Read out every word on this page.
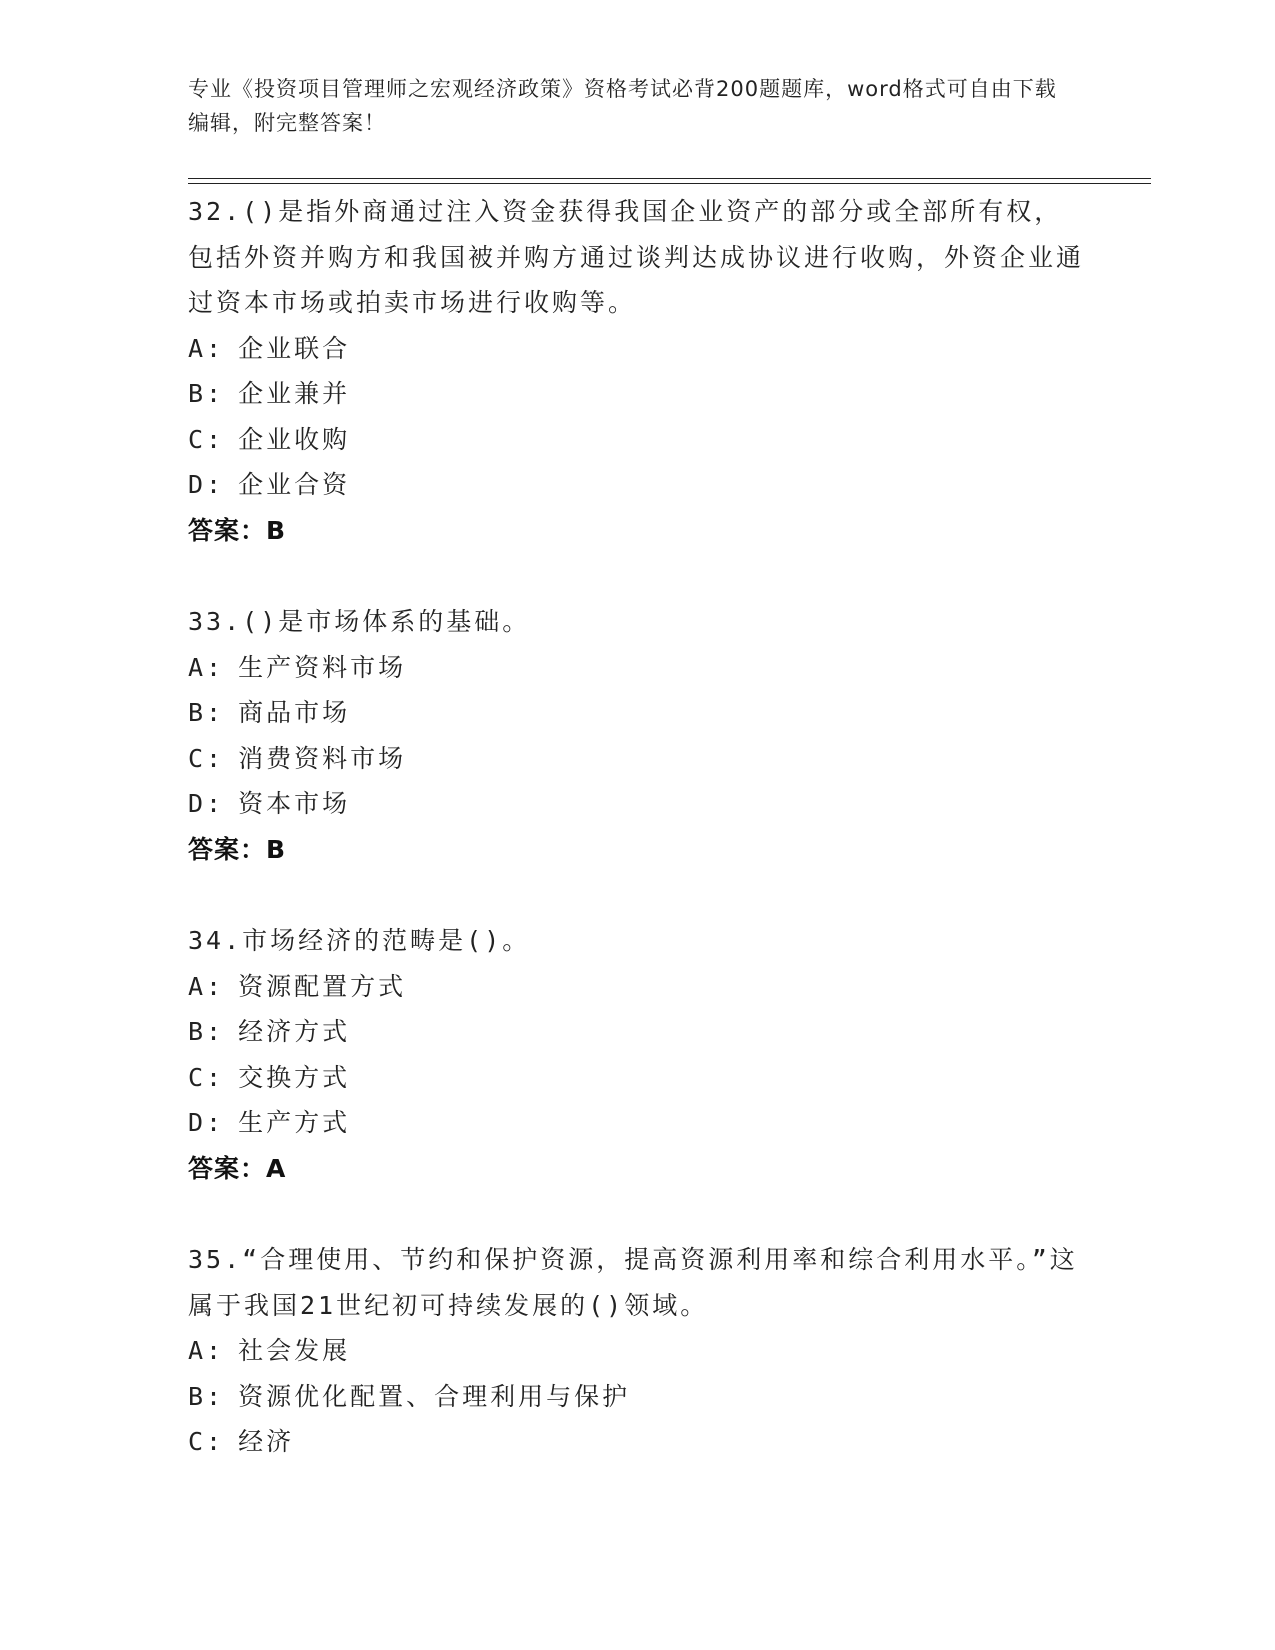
专业《投资项目管理师之宏观经济政策》资格考试必背200题题库，word格式可自由下载编辑，附完整答案！
32.()是指外商通过注入资金获得我国企业资产的部分或全部所有权，包括外资并购方和我国被并购方通过谈判达成协议进行收购，外资企业通过资本市场或拍卖市场进行收购等。
A: 企业联合
B: 企业兼并
C: 企业收购
D: 企业合资
答案：B
33.()是市场体系的基础。
A: 生产资料市场
B: 商品市场
C: 消费资料市场
D: 资本市场
答案：B
34.市场经济的范畴是()。
A: 资源配置方式
B: 经济方式
C: 交换方式
D: 生产方式
答案：A
35.“合理使用、节约和保护资源，提高资源利用率和综合利用水平。”这属于我国21世纪初可持续发展的()领域。
A: 社会发展
B: 资源优化配置、合理利用与保护
C: 经济
